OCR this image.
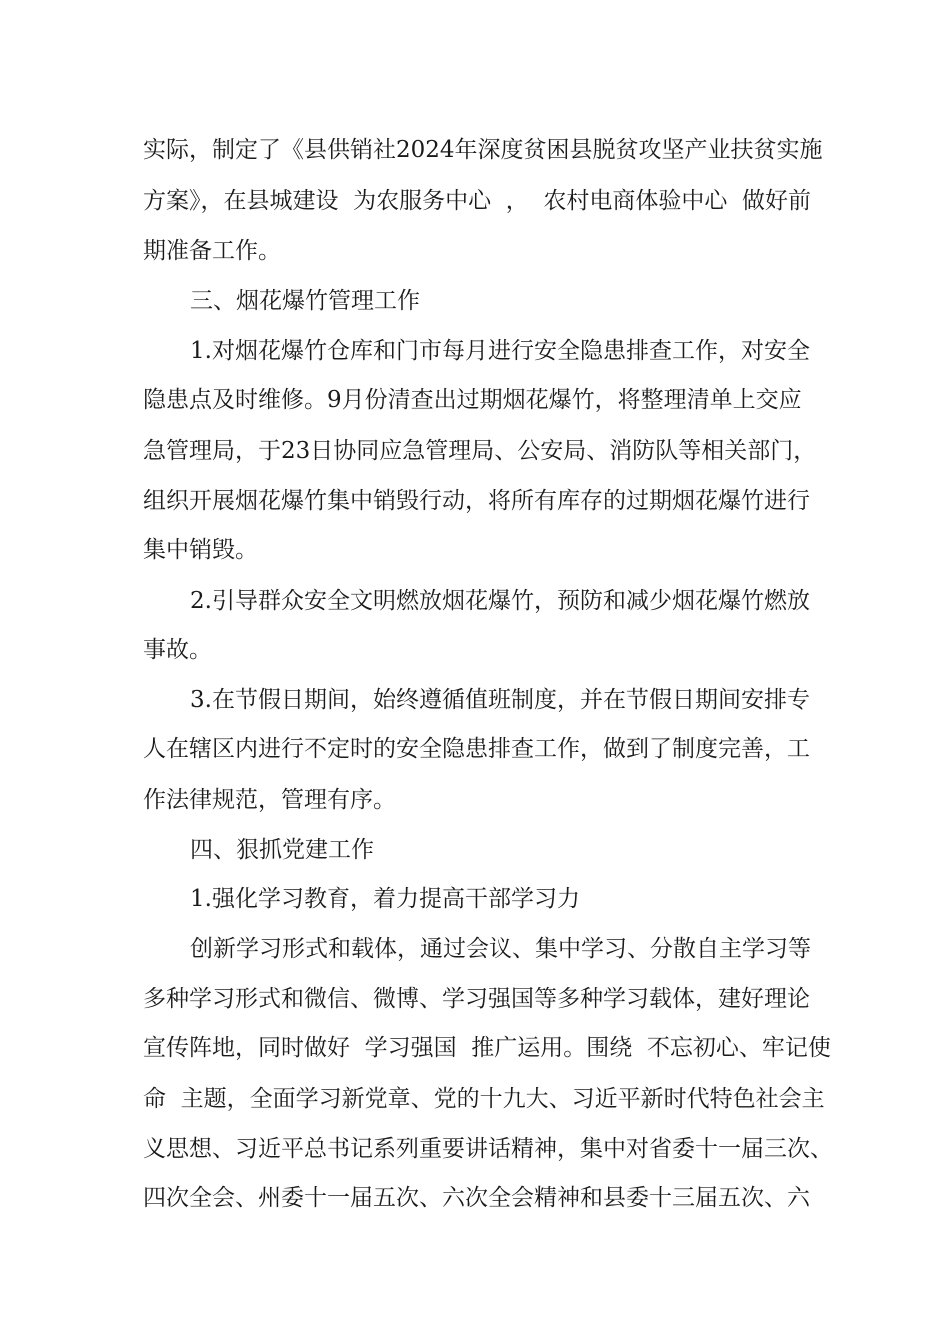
实际，制定了《县供销社2024年深度贫困县脱贫攻坚产业扶贫实施

方案》，在县城建设  为农服务中心  ，  农村电商体验中心  做好前

期准备工作。

三、烟花爆竹管理工作

1.对烟花爆竹仓库和门市每月进行安全隐患排查工作，对安全

隐患点及时维修。9月份清查出过期烟花爆竹，将整理清单上交应

急管理局，于23日协同应急管理局、公安局、消防队等相关部门，

组织开展烟花爆竹集中销毁行动，将所有库存的过期烟花爆竹进行

集中销毁。

2.引导群众安全文明燃放烟花爆竹，预防和减少烟花爆竹燃放

事故。

3.在节假日期间，始终遵循值班制度，并在节假日期间安排专

人在辖区内进行不定时的安全隐患排查工作，做到了制度完善，工

作法律规范，管理有序。

四、狠抓党建工作

1.强化学习教育，着力提高干部学习力

创新学习形式和载体，通过会议、集中学习、分散自主学习等

多种学习形式和微信、微博、学习强国等多种学习载体，建好理论

宣传阵地，同时做好  学习强国  推广运用。围绕  不忘初心、牢记使

命  主题，全面学习新党章、党的十九大、习近平新时代特色社会主

义思想、习近平总书记系列重要讲话精神，集中对省委十一届三次、

四次全会、州委十一届五次、六次全会精神和县委十三届五次、六
